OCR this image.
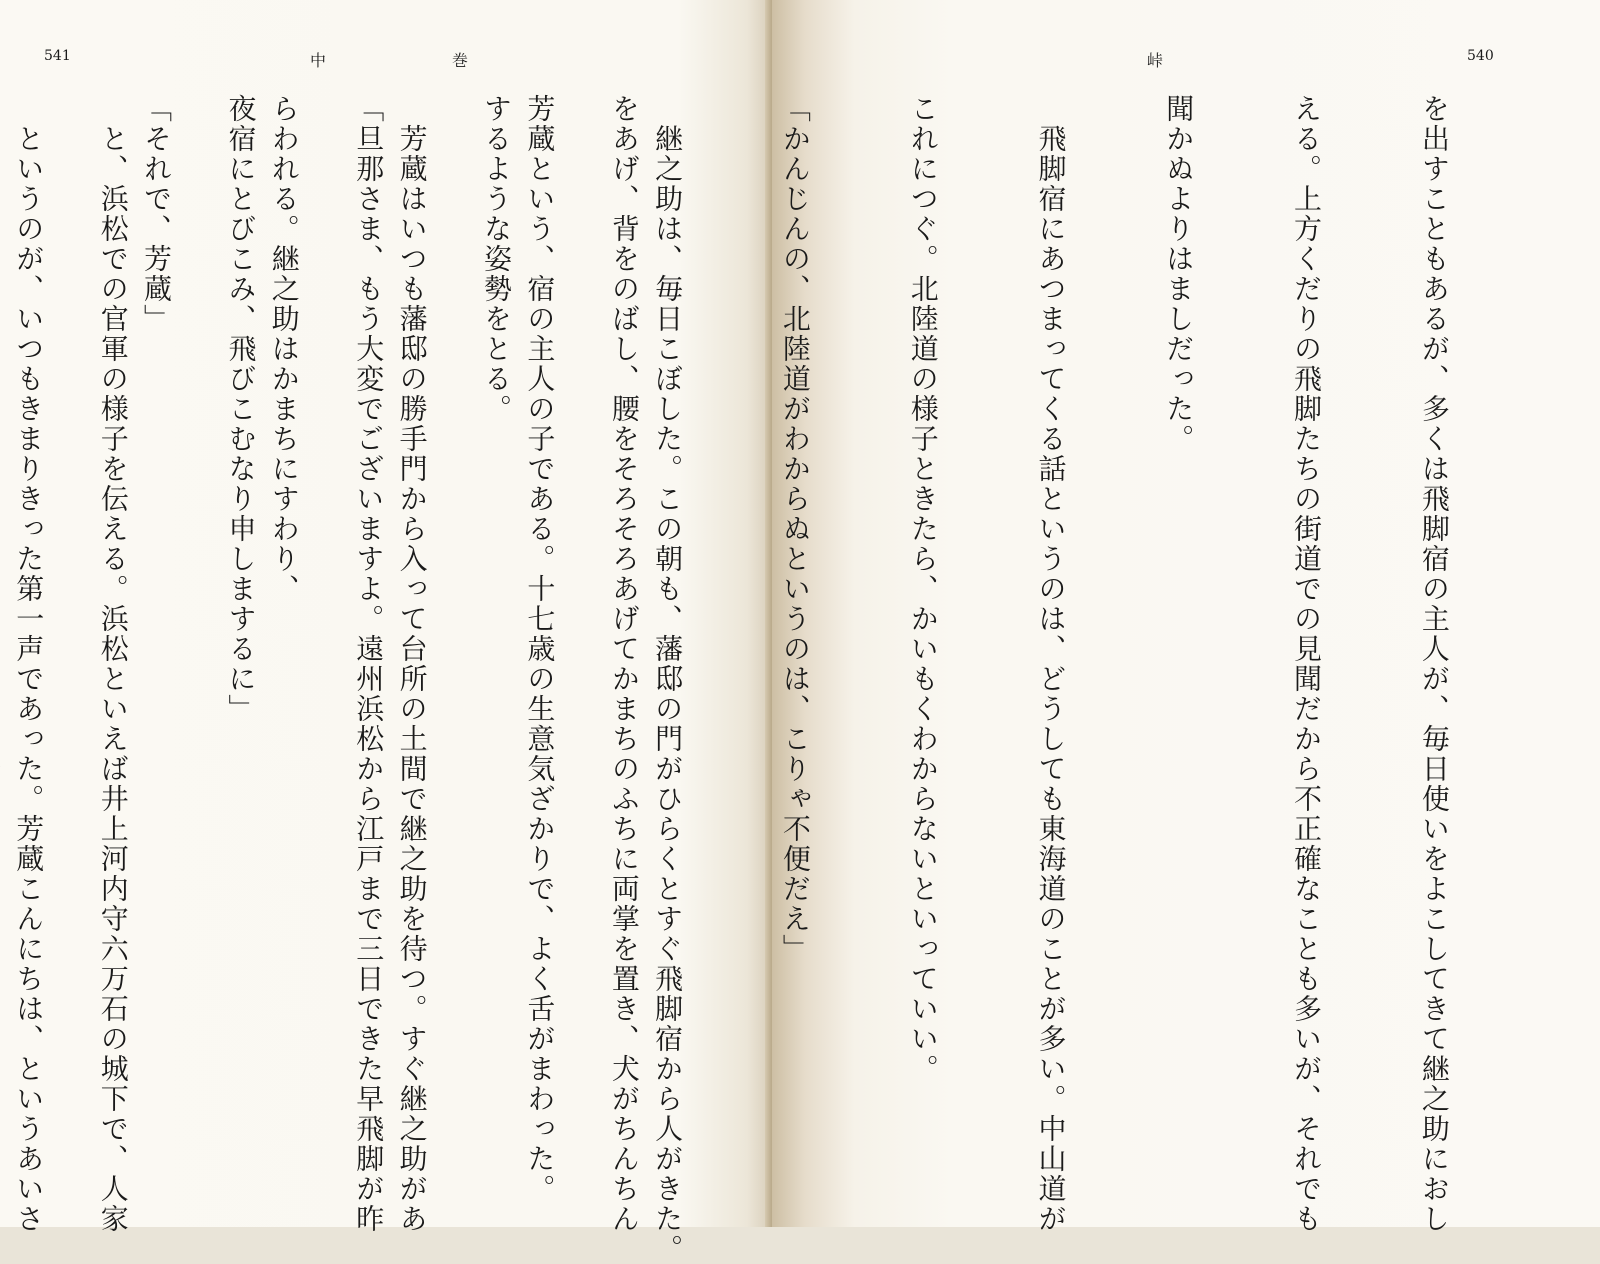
541	中	巻

をあげ、背をのばし、腰をそろそろあげてかまちのふちに両掌を置き、犬がちんちん

するような姿勢をとる。

「旦那さま、もう大変でございますよ。遠州浜松から江戸まで三日できた早飛脚が昨

夜宿にとびこみ、飛びこむなり申しまするに」

　と、浜松での官軍の様子を伝える。浜松といえば井上河内守六万石の城下で、人家

峠	540

を出すこともあるが、多くは飛脚宿の主人が、毎日使いをよこしてきて継之助におし

える。上方くだりの飛脚たちの街道での見聞だから不正確なことも多いが、それでも

聞かぬよりはましだった。

　飛脚宿にあつまってくる話というのは、どうしても東海道のことが多い。中山道が

これにつぐ。北陸道の様子ときたら、かいもくわからないといっていい。

「かんじんの、北陸道がわからぬというのは、こりゃ不便だえ」

　継之助は、毎日こぼした。この朝も、藩邸の門がひらくとすぐ飛脚宿から人がきた。

芳蔵という、宿の主人の子である。十七歳の生意気ざかりで、よく舌がまわった。

　芳蔵はいつも藩邸の勝手門から入って台所の土間で継之助を待つ。すぐ継之助があ

らわれる。継之助はかまちにすわり、

「それで、芳蔵」

　というのが、いつもきまりきった第一声であった。芳蔵こんにちは、というあいさ
